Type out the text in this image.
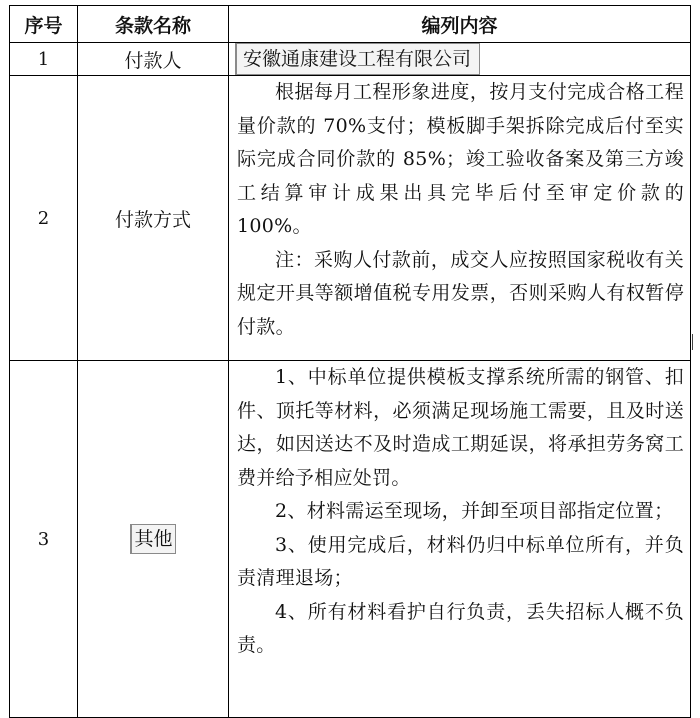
序号	条款名称	编列内容
1	付款人	安徽通康建设工程有限公司
2	付款方式	根据每月工程形象进度，按月支付完成合格工程量价款的 70%支付；模板脚手架拆除完成后付至实际完成合同价款的 85%；竣工验收备案及第三方竣工结算审计成果出具完毕后付至审定价款的 100%。

注：采购人付款前，成交人应按照国家税收有关规定开具等额增值税专用发票，否则采购人有权暂停付款。

3	其他	1、中标单位提供模板支撑系统所需的钢管、扣件、顶托等材料，必须满足现场施工需要，且及时送达，如因送达不及时造成工期延误，将承担劳务窝工费并给予相应处罚。

2、材料需运至现场，并卸至项目部指定位置；

3、使用完成后，材料仍归中标单位所有，并负责清理退场；

4、所有材料看护自行负责，丢失招标人概不负责。
